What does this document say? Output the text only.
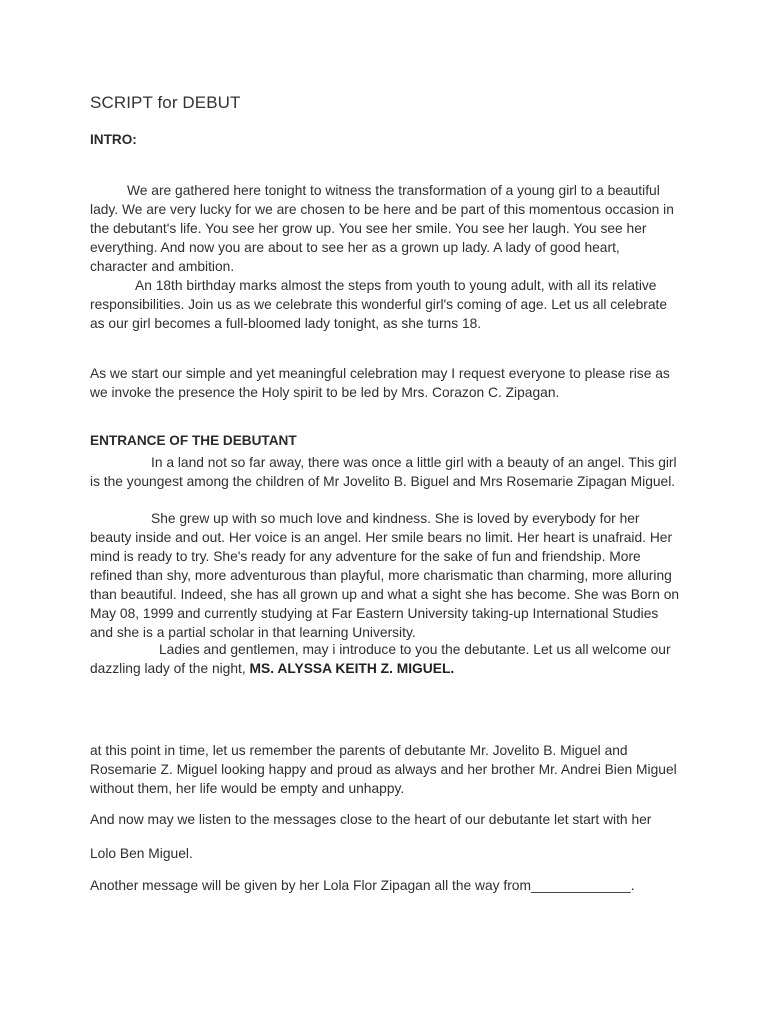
SCRIPT for DEBUT
INTRO:

We are gathered here tonight to witness the transformation of a young girl to a beautiful lady. We are very lucky for we are chosen to be here and be part of this momentous occasion in the debutant's life. You see her grow up. You see her smile. You see her laugh. You see her everything. And now you are about to see her as a grown up lady. A lady of good heart, character and ambition.

An 18th birthday marks almost the steps from youth to young adult, with all its relative responsibilities. Join us as we celebrate this wonderful girl's coming of age. Let us all celebrate as our girl becomes a full-bloomed lady tonight, as she turns 18.

As we start our simple and yet meaningful celebration may I request everyone to please rise as we invoke the presence the Holy spirit to be led by Mrs. Corazon C. Zipagan.

ENTRANCE OF THE DEBUTANT

In a land not so far away, there was once a little girl with a beauty of an angel. This girl is the youngest among the children of Mr Jovelito B. Biguel and Mrs Rosemarie Zipagan Miguel.

She grew up with so much love and kindness. She is loved by everybody for her beauty inside and out. Her voice is an angel. Her smile bears no limit. Her heart is unafraid. Her mind is ready to try. She's ready for any adventure for the sake of fun and friendship. More refined than shy, more adventurous than playful, more charismatic than charming, more alluring than beautiful. Indeed, she has all grown up and what a sight she has become. She was Born on May 08, 1999 and currently studying at Far Eastern University taking-up International Studies and she is a partial scholar in that learning University.

Ladies and gentlemen, may i introduce to you the debutante. Let us all welcome our dazzling lady of the night, MS. ALYSSA KEITH Z. MIGUEL.

at this point in time, let us remember the parents of debutante Mr. Jovelito B. Miguel and Rosemarie Z. Miguel looking happy and proud as always and her brother Mr. Andrei Bien Miguel without them, her life would be empty and unhappy.

And now may we listen to the messages close to the heart of our debutante let start with her

Lolo Ben Miguel.

Another message will be given by her Lola Flor Zipagan all the way from_____________.
